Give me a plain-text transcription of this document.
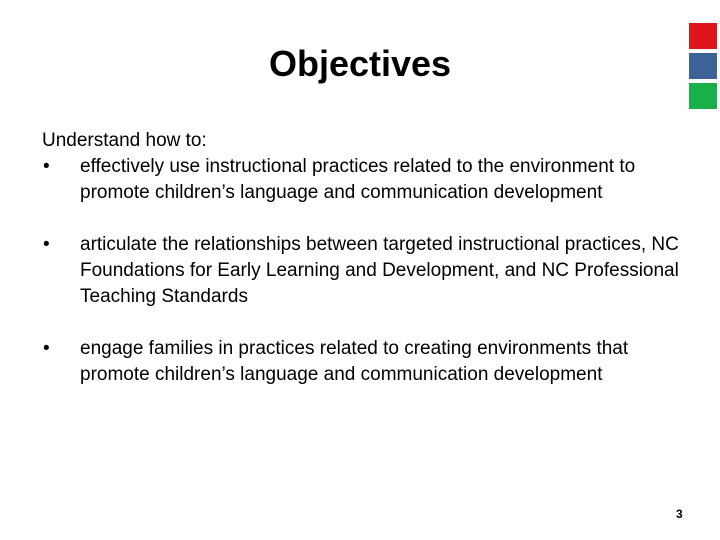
Objectives
Understand how to:
•	effectively use instructional practices related to the environment to promote children’s language and communication development
•	articulate the relationships between targeted instructional practices, NC Foundations for Early Learning and Development, and NC Professional Teaching Standards
•	engage families in practices related to creating environments that promote children’s language and communication development
3
